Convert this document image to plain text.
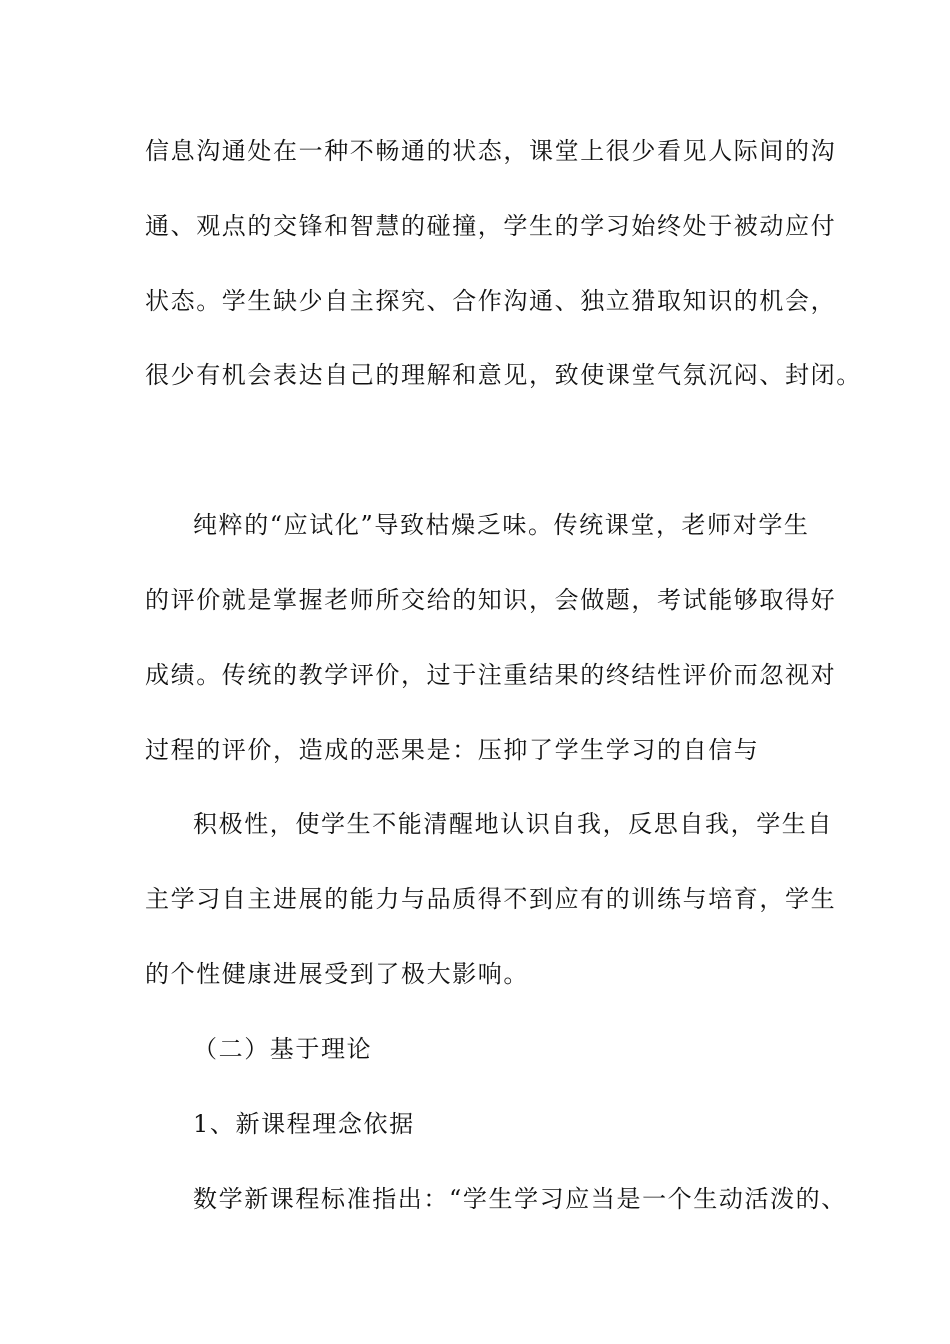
信息沟通处在一种不畅通的状态，课堂上很少看见人际间的沟
通、观点的交锋和智慧的碰撞，学生的学习始终处于被动应付
状态。学生缺少自主探究、合作沟通、独立猎取知识的机会，
很少有机会表达自己的理解和意见，致使课堂气氛沉闷、封闭。
纯粹的“应试化”导致枯燥乏味。传统课堂，老师对学生
的评价就是掌握老师所交给的知识，会做题，考试能够取得好
成绩。传统的教学评价，过于注重结果的终结性评价而忽视对
过程的评价，造成的恶果是：压抑了学生学习的自信与
积极性，使学生不能清醒地认识自我，反思自我，学生自
主学习自主进展的能力与品质得不到应有的训练与培育，学生
的个性健康进展受到了极大影响。
（二）基于理论
1、新课程理念依据
数学新课程标准指出：“学生学习应当是一个生动活泼的、
